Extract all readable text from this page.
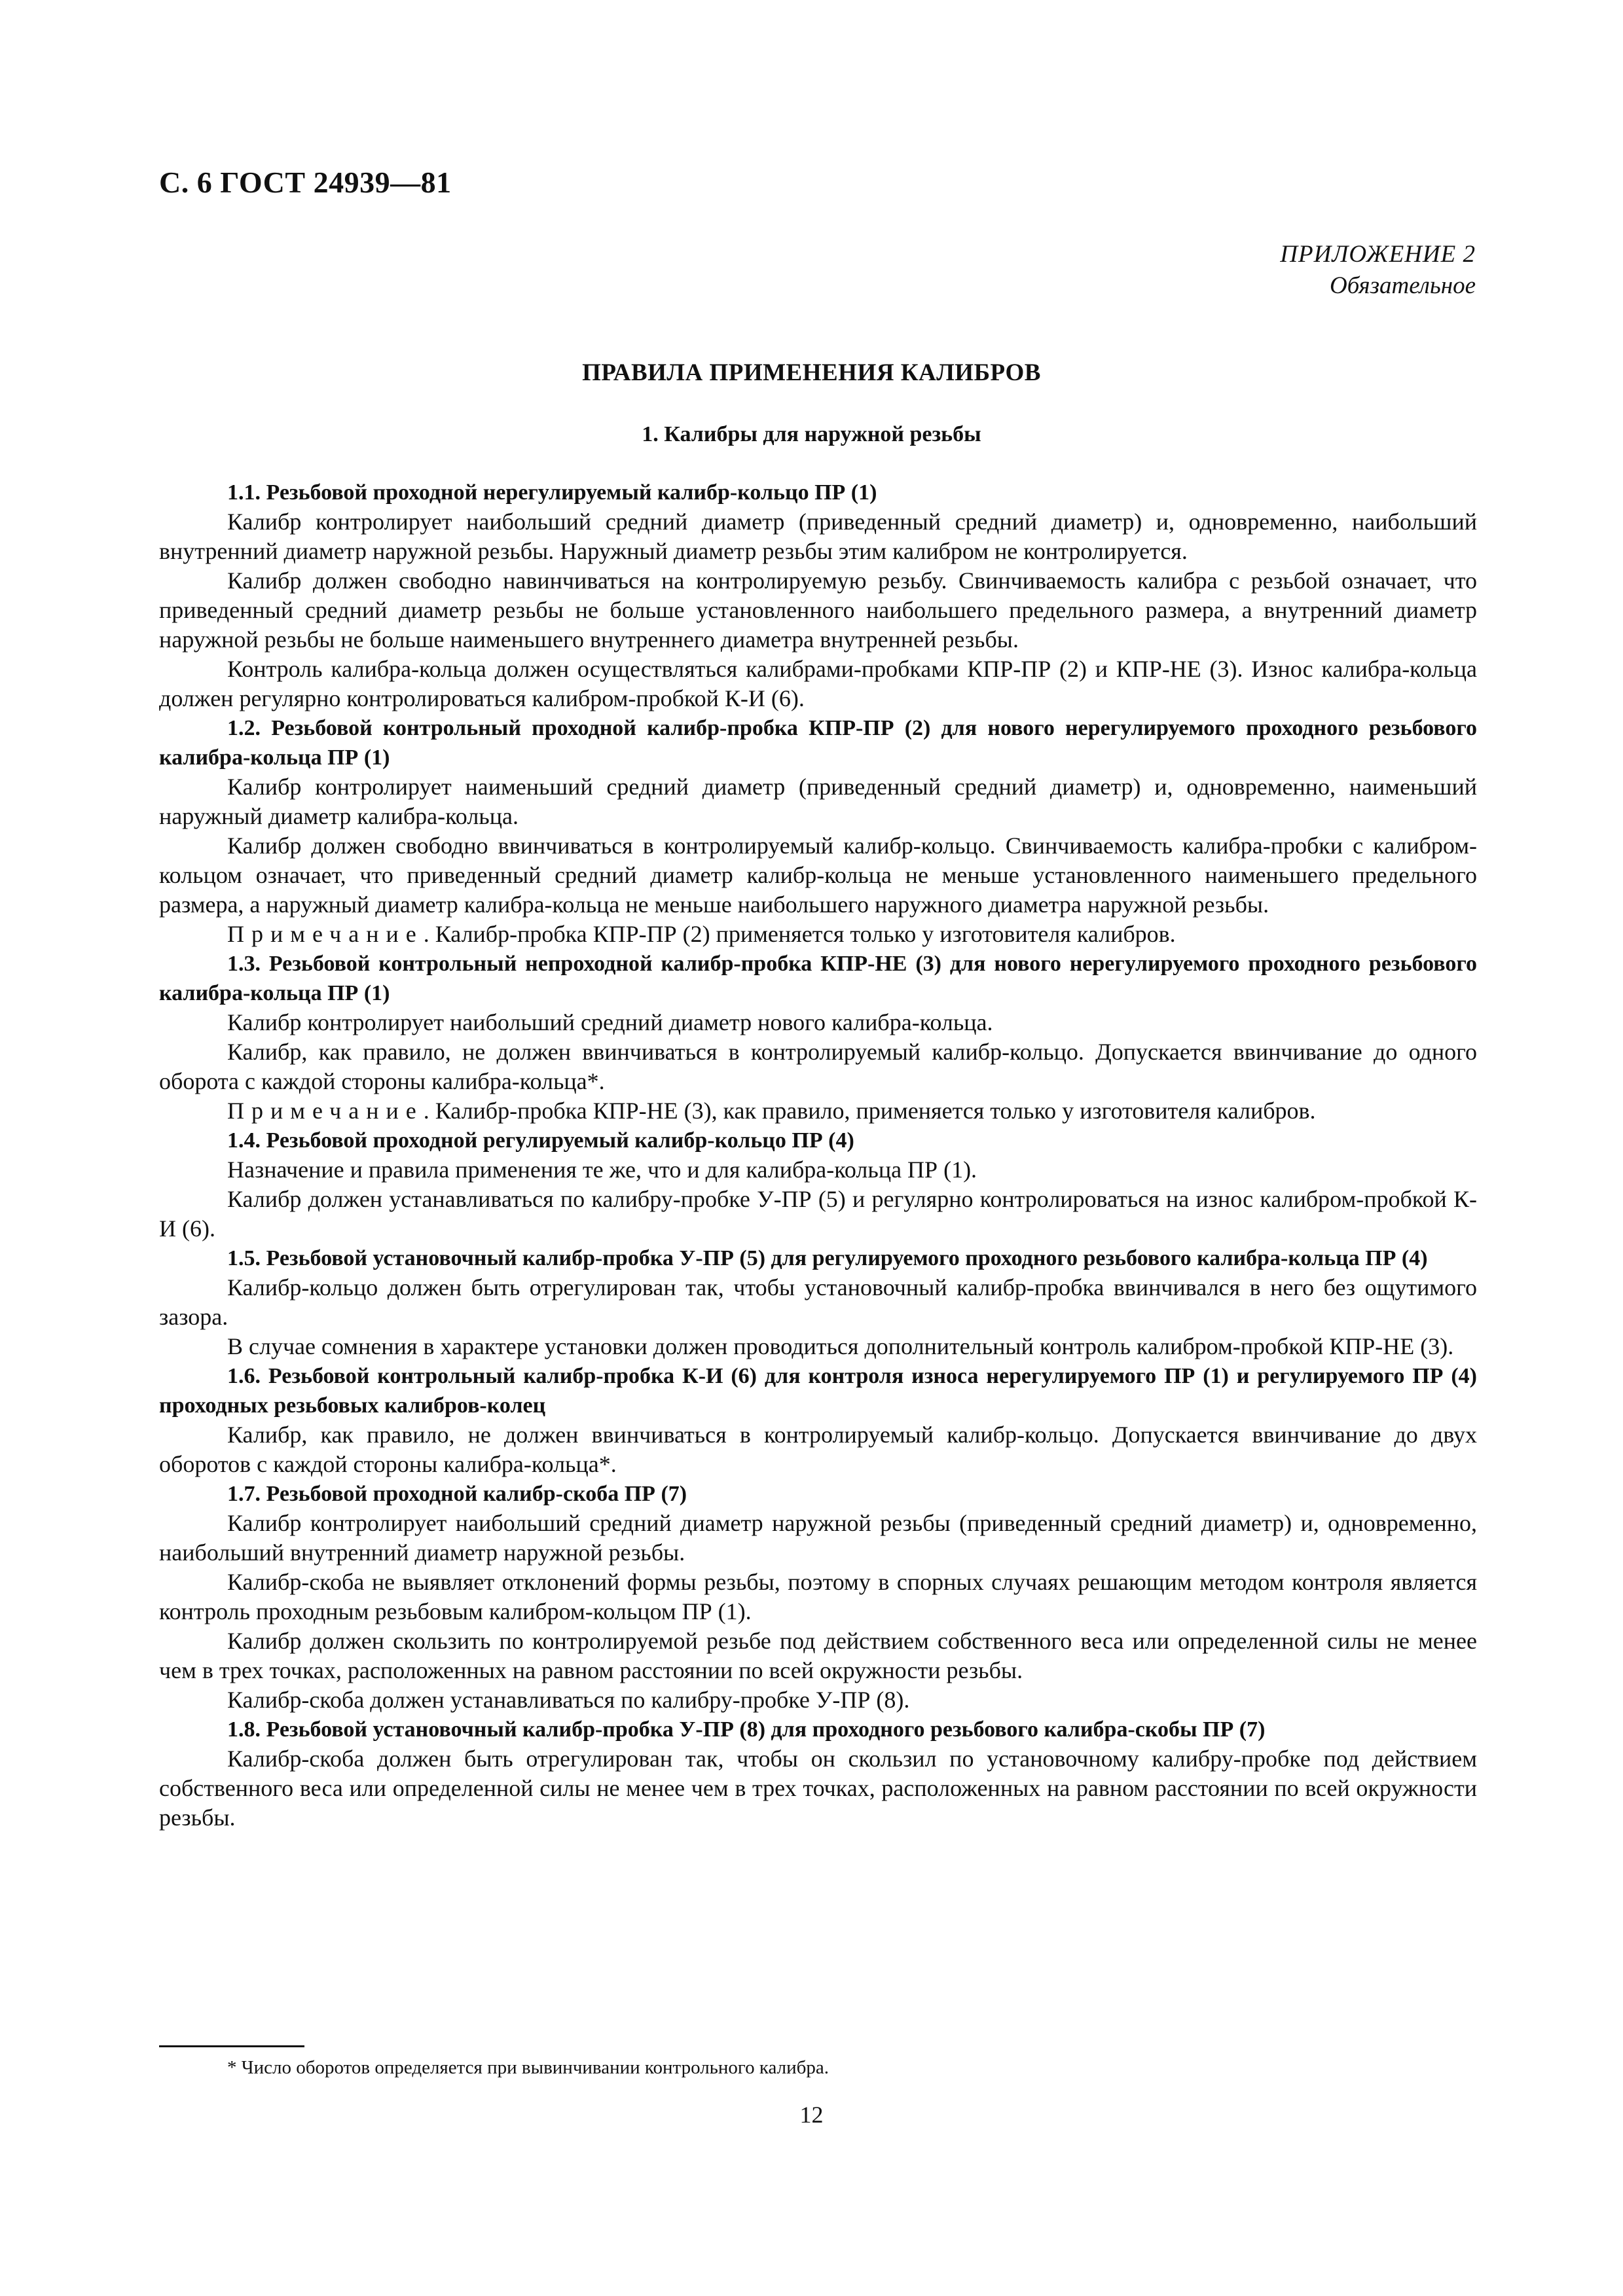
С. 6 ГОСТ 24939—81
ПРИЛОЖЕНИЕ 2
Обязательное
ПРАВИЛА ПРИМЕНЕНИЯ КАЛИБРОВ
1. Калибры для наружной резьбы

1.1. Резьбовой проходной нерегулируемый калибр-кольцо ПР (1)

Калибр контролирует наибольший средний диаметр (приведенный средний диаметр) и, одновременно, наибольший внутренний диаметр наружной резьбы. Наружный диаметр резьбы этим калибром не контролируется.

Калибр должен свободно навинчиваться на контролируемую резьбу. Свинчиваемость калибра с резьбой означает, что приведенный средний диаметр резьбы не больше установленного наибольшего предельного размера, а внутренний диаметр наружной резьбы не больше наименьшего внутреннего диаметра внутренней резьбы.

Контроль калибра-кольца должен осуществляться калибрами-пробками КПР-ПР (2) и КПР-НЕ (3). Износ калибра-кольца должен регулярно контролироваться калибром-пробкой К-И (6).

1.2. Резьбовой контрольный проходной калибр-пробка КПР-ПР (2) для нового нерегулируемого проходного резьбового калибра-кольца ПР (1)

Калибр контролирует наименьший средний диаметр (приведенный средний диаметр) и, одновременно, наименьший наружный диаметр калибра-кольца.

Калибр должен свободно ввинчиваться в контролируемый калибр-кольцо. Свинчиваемость калибра-пробки с калибром-кольцом означает, что приведенный средний диаметр калибр-кольца не меньше установленного наименьшего предельного размера, а наружный диаметр калибра-кольца не меньше наибольшего наружного диаметра наружной резьбы.

Примечание. Калибр-пробка КПР-ПР (2) применяется только у изготовителя калибров.

1.3. Резьбовой контрольный непроходной калибр-пробка КПР-НЕ (3) для нового нерегулируемого проходного резьбового калибра-кольца ПР (1)

Калибр контролирует наибольший средний диаметр нового калибра-кольца.

Калибр, как правило, не должен ввинчиваться в контролируемый калибр-кольцо. Допускается ввинчивание до одного оборота с каждой стороны калибра-кольца*.

Примечание. Калибр-пробка КПР-НЕ (3), как правило, применяется только у изготовителя калибров.

1.4. Резьбовой проходной регулируемый калибр-кольцо ПР (4)

Назначение и правила применения те же, что и для калибра-кольца ПР (1).

Калибр должен устанавливаться по калибру-пробке У-ПР (5) и регулярно контролироваться на износ калибром-пробкой К-И (6).

1.5. Резьбовой установочный калибр-пробка У-ПР (5) для регулируемого проходного резьбового калибра-кольца ПР (4)

Калибр-кольцо должен быть отрегулирован так, чтобы установочный калибр-пробка ввинчивался в него без ощутимого зазора.

В случае сомнения в характере установки должен проводиться дополнительный контроль калибром-пробкой КПР-НЕ (3).

1.6. Резьбовой контрольный калибр-пробка К-И (6) для контроля износа нерегулируемого ПР (1) и регулируемого ПР (4) проходных резьбовых калибров-колец

Калибр, как правило, не должен ввинчиваться в контролируемый калибр-кольцо. Допускается ввинчивание до двух оборотов с каждой стороны калибра-кольца*.

1.7. Резьбовой проходной калибр-скоба ПР (7)

Калибр контролирует наибольший средний диаметр наружной резьбы (приведенный средний диаметр) и, одновременно, наибольший внутренний диаметр наружной резьбы.

Калибр-скоба не выявляет отклонений формы резьбы, поэтому в спорных случаях решающим методом контроля является контроль проходным резьбовым калибром-кольцом ПР (1).

Калибр должен скользить по контролируемой резьбе под действием собственного веса или определенной силы не менее чем в трех точках, расположенных на равном расстоянии по всей окружности резьбы.

Калибр-скоба должен устанавливаться по калибру-пробке У-ПР (8).

1.8. Резьбовой установочный калибр-пробка У-ПР (8) для проходного резьбового калибра-скобы ПР (7)

Калибр-скоба должен быть отрегулирован так, чтобы он скользил по установочному калибру-пробке под действием собственного веса или определенной силы не менее чем в трех точках, расположенных на равном расстоянии по всей окружности резьбы.

* Число оборотов определяется при вывинчивании контрольного калибра.
12
